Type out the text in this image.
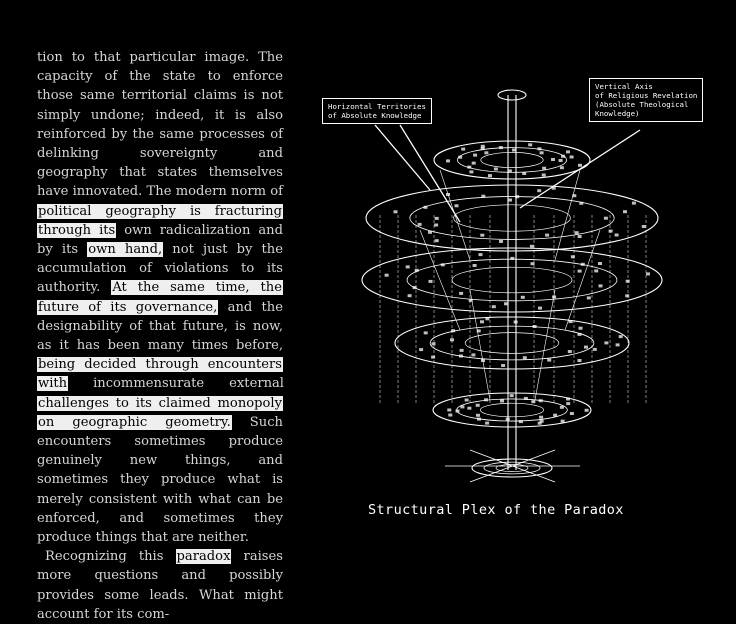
tion to that particular image. The capacity of the state to enforce those same territorial claims is not simply undone; indeed, it is also reinforced by the same processes of delinking sovereignty and geography that states themselves have innovated. The modern norm of political geography is fracturing through its own radicalization and by its own hand, not just by the accumulation of violations to its authority. At the same time, the future of its governance, and the designability of that future, is now, as it has been many times before, being decided through encounters with incommensurate external challenges to its claimed monopoly on geographic geometry. Such encounters sometimes produce genuinely new things, and sometimes they produce what is merely consistent with what can be enforced, and sometimes they produce things that are neither.

Recognizing this paradox raises more questions and possibly provides some leads. What might account for its com-

Horizontal Territories
of Absolute Knowledge
Vertical Axis
of Religious Revelation
(Absolute Theological
Knowledge)
Structural Plex of the Paradox
